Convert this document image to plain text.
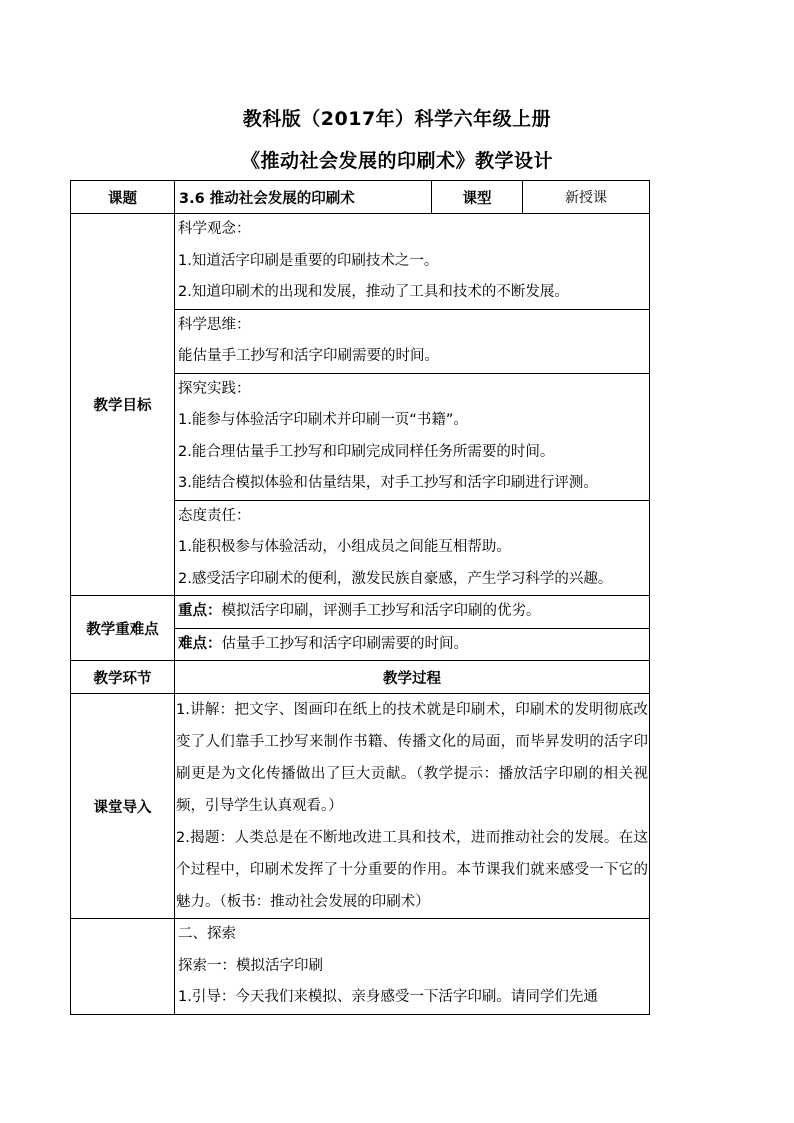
教科版（2017年）科学六年级上册
《推动社会发展的印刷术》教学设计
课题	3.6 推动社会发展的印刷术	课型	新授课
教学目标	科学观念：
1.知道活字印刷是重要的印刷技术之一。
2.知道印刷术的出现和发展，推动了工具和技术的不断发展。		

	科学思维：
能估量手工抄写和活字印刷需要的时间。		

	探究实践：
1.能参与体验活字印刷术并印刷一页“书籍”。
2.能合理估量手工抄写和印刷完成同样任务所需要的时间。
3.能结合模拟体验和估量结果，对手工抄写和活字印刷进行评测。		

	态度责任：
1.能积极参与体验活动，小组成员之间能互相帮助。
2.感受活字印刷术的便利，激发民族自豪感，产生学习科学的兴趣。		

教学重难点	重点：模拟活字印刷，评测手工抄写和活字印刷的优劣。		

	难点：估量手工抄写和活字印刷需要的时间。		

教学环节	教学过程		
课堂导入	1.讲解：把文字、图画印在纸上的技术就是印刷术，印刷术的发明彻底改变了人们靠手工抄写来制作书籍、传播文化的局面，而毕昇发明的活字印刷更是为文化传播做出了巨大贡献。（教学提示：播放活字印刷的相关视频，引导学生认真观看。）

2.揭题：人类总是在不断地改进工具和技术，进而推动社会的发展。在这个过程中，印刷术发挥了十分重要的作用。本节课我们就来感受一下它的魅力。（板书：推动社会发展的印刷术）		

	二、探索
探索一：模拟活字印刷
1.引导：今天我们来模拟、亲身感受一下活字印刷。请同学们先通		
